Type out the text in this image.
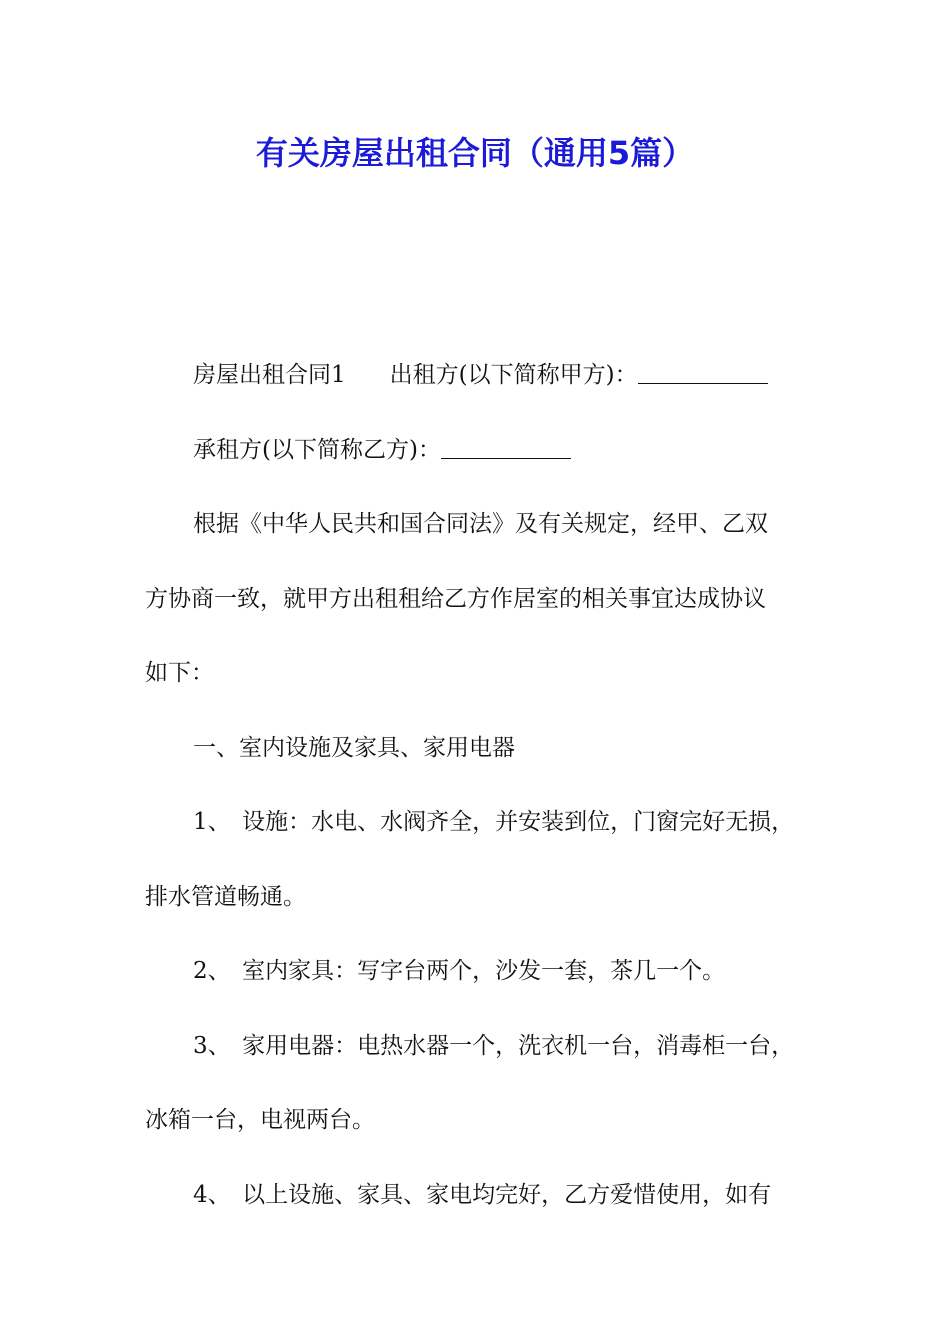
有关房屋出租合同（通用5篇）
房屋出租合同1 出租方(以下简称甲方)：
承租方(以下简称乙方)：
根据《中华人民共和国合同法》及有关规定，经甲、乙双
方协商一致，就甲方出租租给乙方作居室的相关事宜达成协议
如下：
一、室内设施及家具、家用电器
1、　设施：水电、水阀齐全，并安装到位，门窗完好无损，
排水管道畅通。
2、　室内家具：写字台两个，沙发一套，茶几一个。
3、　家用电器：电热水器一个，洗衣机一台，消毒柜一台，
冰箱一台，电视两台。
4、　以上设施、家具、家电均完好，乙方爱惜使用，如有
